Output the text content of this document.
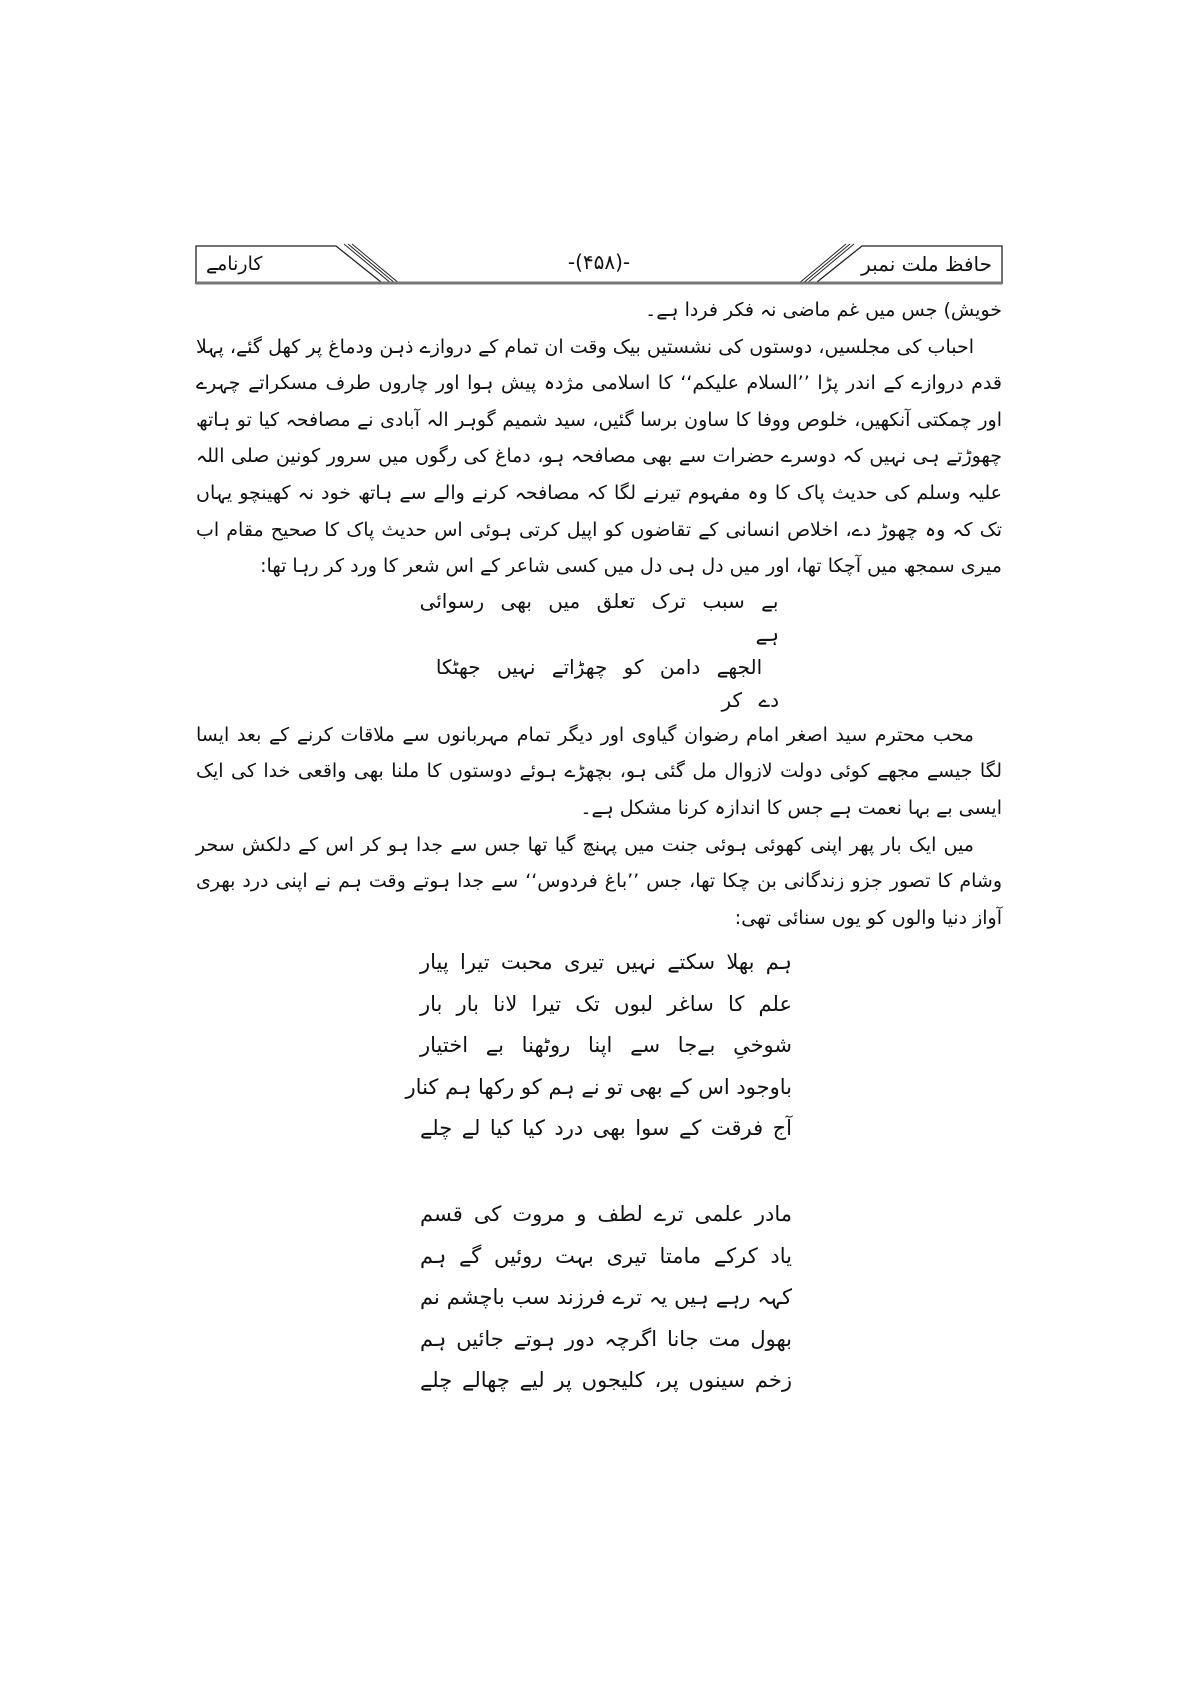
کارنامے	-(۴۵۸)-	حافظ ملت نمبر

خویش) جس میں غم ماضی نہ فکر فردا ہے۔

احباب کی مجلسیں، دوستوں کی نشستیں بیک وقت ان تمام کے دروازے ذہن ودماغ پر کھل گئے، پہلا قدم دروازے کے اندر پڑا ’’السلام علیکم‘‘ کا اسلامی مژدہ پیش ہوا اور چاروں طرف مسکراتے چہرے اور چمکتی آنکھیں، خلوص ووفا کا ساون برسا گئیں، سید شمیم گوہر الہ آبادی نے مصافحہ کیا تو ہاتھ چھوڑتے ہی نہیں کہ دوسرے حضرات سے بھی مصافحہ ہو، دماغ کی رگوں میں سرور کونین صلی اللہ علیہ وسلم کی حدیث پاک کا وہ مفہوم تیرنے لگا کہ مصافحہ کرنے والے سے ہاتھ خود نہ کھینچو یہاں تک کہ وہ چھوڑ دے، اخلاص انسانی کے تقاضوں کو اپیل کرتی ہوئی اس حدیث پاک کا صحیح مقام اب میری سمجھ میں آچکا تھا، اور میں دل ہی دل میں کسی شاعر کے اس شعر کا ورد کر رہا تھا:

بے سبب ترک تعلق میں بھی رسوائی ہے
الجھے دامن کو چھڑاتے نہیں جھٹکا دے کر

محب محترم سید اصغر امام رضوان گیاوی اور دیگر تمام مہربانوں سے ملاقات کرنے کے بعد ایسا لگا جیسے مجھے کوئی دولت لازوال مل گئی ہو، بچھڑے ہوئے دوستوں کا ملنا بھی واقعی خدا کی ایک ایسی بے بہا نعمت ہے جس کا اندازہ کرنا مشکل ہے۔

میں ایک بار پھر اپنی کھوئی ہوئی جنت میں پہنچ گیا تھا جس سے جدا ہو کر اس کے دلکش سحر وشام کا تصور جزو زندگانی بن چکا تھا، جس ’’باغ فردوس‘‘ سے جدا ہوتے وقت ہم نے اپنی درد بھری آواز دنیا والوں کو یوں سنائی تھی:

ہم بھلا سکتے نہیں تیری محبت تیرا پیار
علم کا ساغر لبوں تک تیرا لانا بار بار
شوخیِ بےجا سے اپنا روٹھنا بے اختیار
باوجود اس کے بھی تو نے ہم کو رکھا ہم کنار
آج فرقت کے سوا بھی درد کیا کیا لے چلے
مادر علمی ترے لطف و مروت کی قسم
یاد کرکے مامتا تیری بہت روئیں گے ہم
کہہ رہے ہیں یہ ترے فرزند سب باچشم نم
بھول مت جانا اگرچہ دور ہوتے جائیں ہم
زخم سینوں پر، کلیجوں پر لیے چھالے چلے
